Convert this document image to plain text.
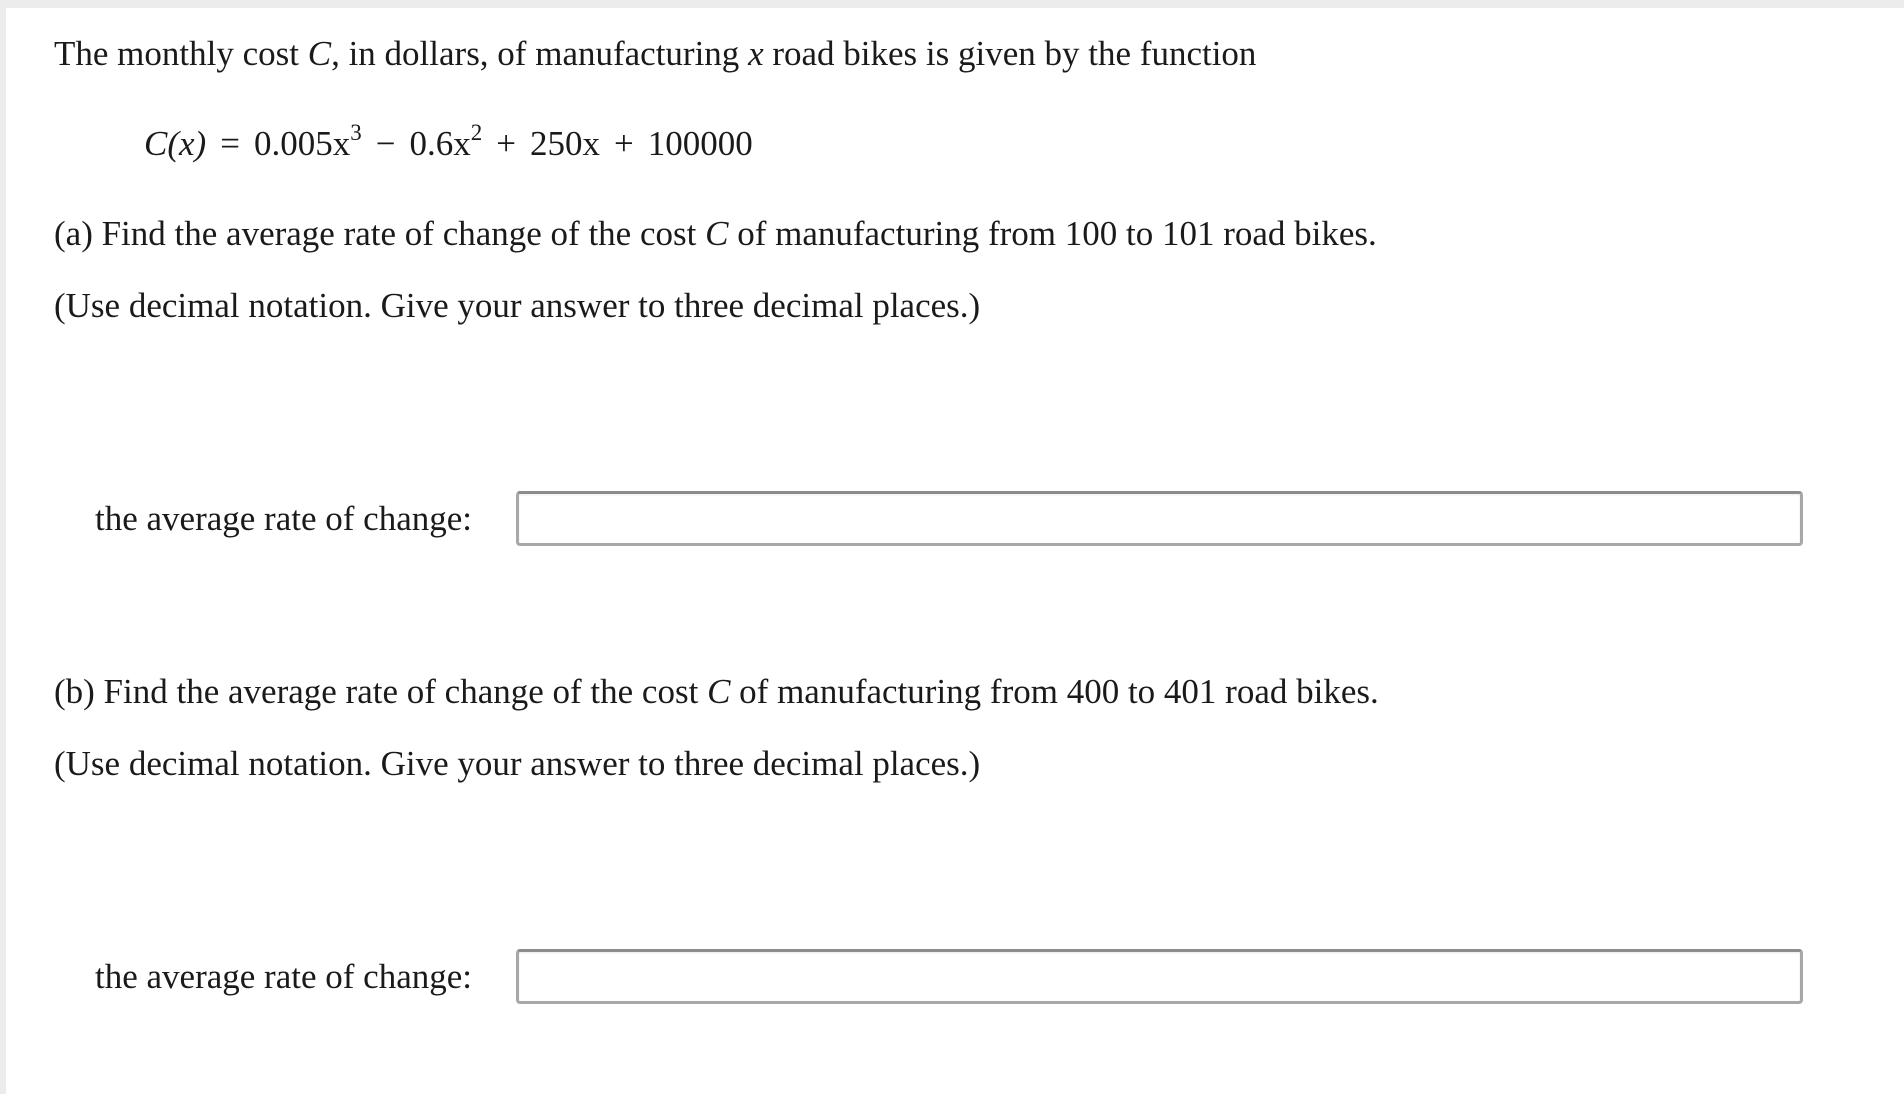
The monthly cost C, in dollars, of manufacturing x road bikes is given by the function
$C(x) = 0.005x^3 - 0.6x^2 + 250x + 100000$
(a) Find the average rate of change of the cost C of manufacturing from 100 to 101 road bikes.
(Use decimal notation. Give your answer to three decimal places.)
the average rate of change:
(b) Find the average rate of change of the cost C of manufacturing from 400 to 401 road bikes.
(Use decimal notation. Give your answer to three decimal places.)
the average rate of change:
